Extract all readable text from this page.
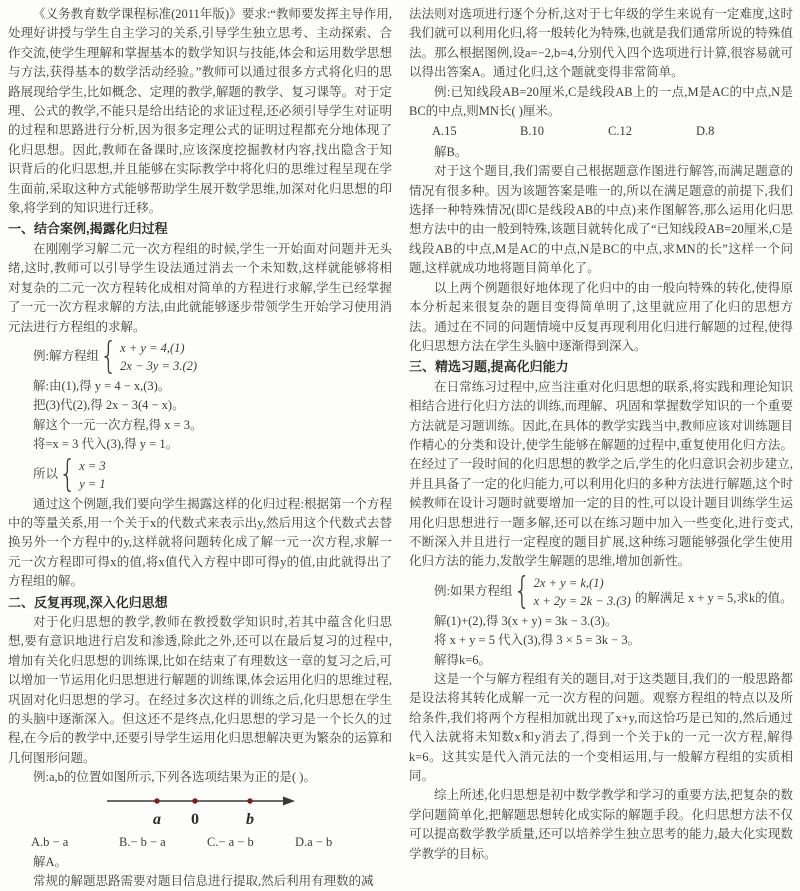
《义务教育数学课程标准(2011年版)》要求:“教师要发挥主导作用,处理好讲授与学生自主学习的关系,引导学生独立思考、主动探索、合作交流,使学生理解和掌握基本的数学知识与技能,体会和运用数学思想与方法,获得基本的数学活动经验。”教师可以通过很多方式将化归的思路展现给学生,比如概念、定理的教学,解题的教学、复习课等。对于定理、公式的教学,不能只是给出结论的求证过程,还必须引导学生对证明的过程和思路进行分析,因为很多定理公式的证明过程都充分地体现了化归思想。因此,教师在备课时,应该深度挖掘教材内容,找出隐含于知识背后的化归思想,并且能够在实际教学中将化归的思维过程呈现在学生面前,采取这种方式能够帮助学生展开数学思维,加深对化归思想的印象,将学到的知识进行迁移。

一、结合案例,揭露化归过程

在刚刚学习解二元一次方程组的时候,学生一开始面对问题并无头绪,这时,教师可以引导学生设法通过消去一个未知数,这样就能够将相对复杂的二元一次方程转化成相对简单的方程进行求解,学生已经掌握了一元一次方程求解的方法,由此就能够逐步带领学生开始学习使用消元法进行方程组的求解。

例:解方程组 { x + y = 4,(1)
2x − 3y = 3.(2)
解:由(1),得 y = 4 − x,(3)。
把(3)代(2),得 2x − 3(4 − x)。
解这个一元一次方程,得 x = 3。
将=x = 3 代入(3),得 y = 1。
所以 { x = 3
y = 1

通过这个例题,我们要向学生揭露这样的化归过程:根据第一个方程中的等量关系,用一个关于x的代数式来表示出y,然后用这个代数式去替换另外一个方程中的y,这样就将问题转化成了解一元一次方程,求解一元一次方程即可得x的值,将x值代入方程中即可得y的值,由此就得出了方程组的解。

二、反复再现,深入化归思想

对于化归思想的教学,教师在教授数学知识时,若其中蕴含化归思想,要有意识地进行启发和渗透,除此之外,还可以在最后复习的过程中,增加有关化归思想的训练课,比如在结束了有理数这一章的复习之后,可以增加一节运用化归思想进行解题的训练课,体会运用化归的思维过程,巩固对化归思想的学习。在经过多次这样的训练之后,化归思想在学生的头脑中逐渐深入。但这还不是终点,化归思想的学习是一个长久的过程,在今后的教学中,还要引导学生运用化归思想解决更为繁杂的运算和几何图形问题。

例:a,b的位置如图所示,下列各选项结果为正的是( )。
a 0	b
A.b − a	B.− b − a	C.− a − b	D.a − b
解A。

常规的解题思路需要对题目信息进行提取,然后利用有理数的减

法法则对选项进行逐个分析,这对于七年级的学生来说有一定难度,这时我们就可以利用化归,将一般转化为特殊,也就是我们通常所说的特殊值法。那么根据图例,设a=−2,b=4,分别代入四个选项进行计算,很容易就可以得出答案A。通过化归,这个题就变得非常简单。

例:已知线段AB=20厘米,C是线段AB上的一点,M是AC的中点,N是BC的中点,则MN长( )厘米。

A.15	B.10	C.12	D.8
解B。

对于这个题目,我们需要自己根据题意作图进行解答,而满足题意的情况有很多种。因为该题答案是唯一的,所以在满足题意的前提下,我们选择一种特殊情况(即C是线段AB的中点)来作图解答,那么运用化归思想方法中的由一般到特殊,该题目就转化成了“已知线段AB=20厘米,C是线段AB的中点,M是AC的中点,N是BC的中点,求MN的长”这样一个问题,这样就成功地将题目简单化了。

以上两个例题很好地体现了化归中的由一般向特殊的转化,使得原本分析起来很复杂的题目变得简单明了,这里就应用了化归的思想方法。通过在不同的问题情境中反复再现利用化归进行解题的过程,使得化归思想方法在学生头脑中逐渐得到深入。

三、精选习题,提高化归能力

在日常练习过程中,应当注重对化归思想的联系,将实践和理论知识相结合进行化归方法的训练,而理解、巩固和掌握数学知识的一个重要方法就是习题训练。因此,在具体的教学实践当中,教师应该对训练题目作精心的分类和设计,使学生能够在解题的过程中,重复使用化归方法。在经过了一段时间的化归思想的教学之后,学生的化归意识会初步建立,并且具备了一定的化归能力,可以利用化归的多种方法进行解题,这个时候教师在设计习题时就要增加一定的目的性,可以设计题目训练学生运用化归思想进行一题多解,还可以在练习题中加入一些变化,进行变式,不断深入并且进行一定程度的题目扩展,这种练习题能够强化学生使用化归方法的能力,发散学生解题的思维,增加创新性。

例:如果方程组 { 2x + y = k,(1)
x + 2y = 2k − 3.(3) 的解满足 x + y = 5,求k的值。
解(1)+(2),得 3(x + y) = 3k − 3.(3)。
将 x + y = 5 代入(3),得 3 × 5 = 3k − 3。
解得k=6。

这是一个与解方程组有关的题目,对于这类题目,我们的一般思路都是设法将其转化成解一元一次方程的问题。观察方程组的特点以及所给条件,我们将两个方程相加就出现了x+y,而这恰巧是已知的,然后通过代入法就将未知数x和y消去了,得到一个关于k的一元一次方程,解得k=6。这其实是代入消元法的一个变相运用,与一般解方程组的实质相同。

综上所述,化归思想是初中数学教学和学习的重要方法,把复杂的数学问题简单化,把解题思想转化成实际的解题手段。化归思想方法不仅可以提高数学教学质量,还可以培养学生独立思考的能力,最大化实现数学教学的目标。
